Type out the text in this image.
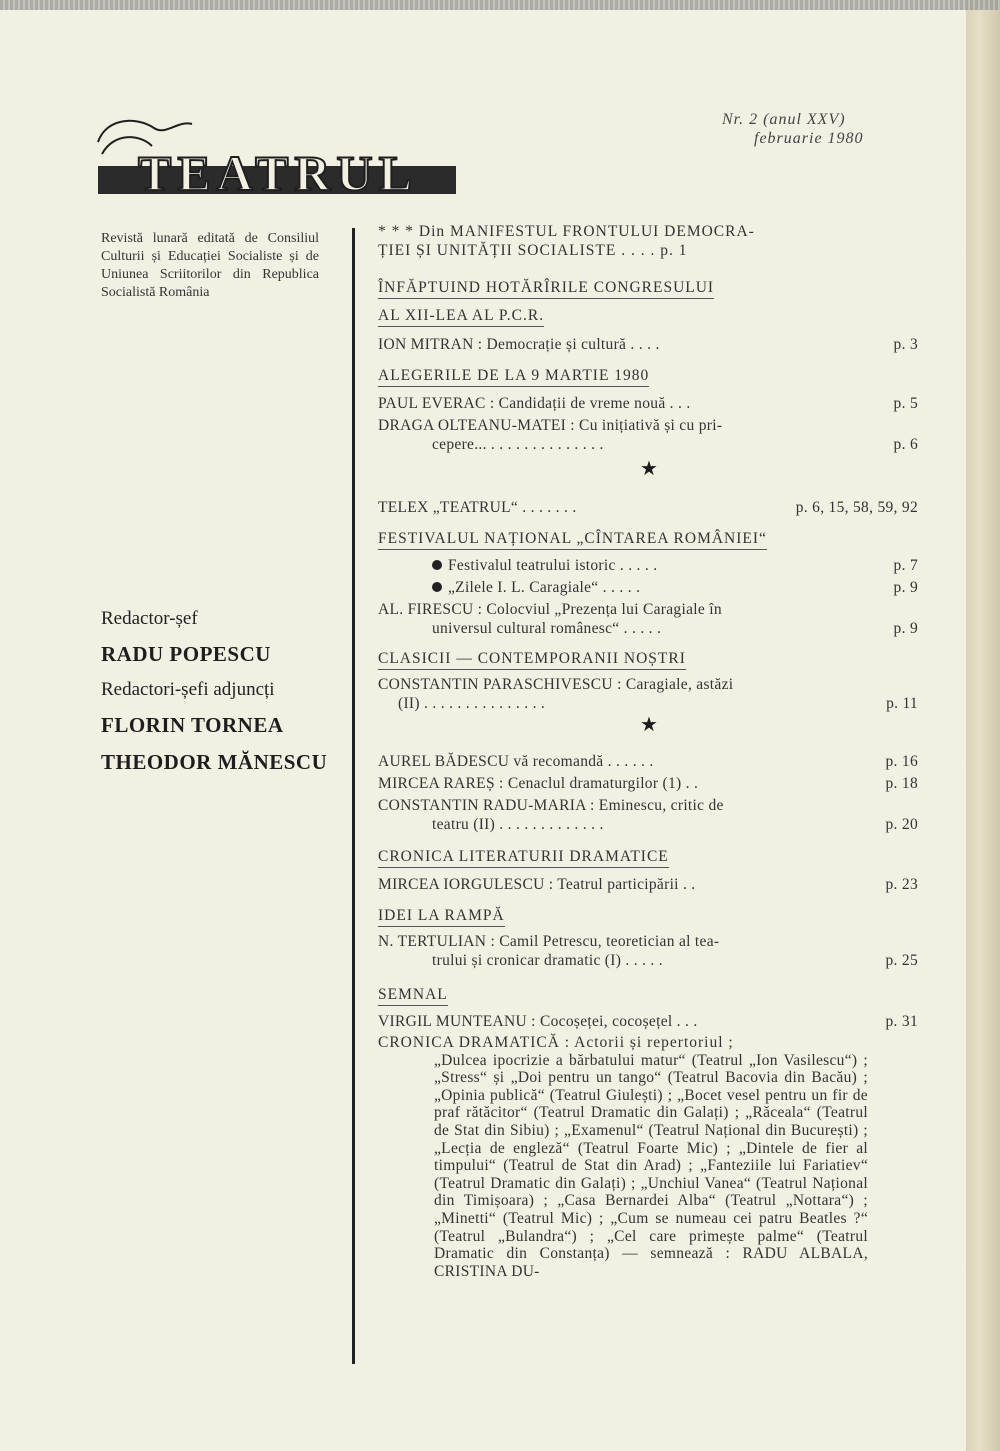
TEATRUL
Nr. 2 (anul XXV)
februarie 1980
Revistă lunară editată de Consiliul Culturii și Educației Socialiste și de Uniunea Scriitorilor din Republica Socialistă România
Redactor-șef
RADU POPESCU
Redactori-șefi adjuncți
FLORIN TORNEA
THEODOR MĂNESCU
* * * Din MANIFESTUL FRONTULUI DEMOCRA-
ȚIEI ȘI UNITĂȚII SOCIALISTE . . . . p. 1
ÎNFĂPTUIND HOTĂRÎRILE CONGRESULUI
AL XII-LEA AL P.C.R.
ION MITRAN : Democrație și cultură . . . .	p. 3
ALEGERILE DE LA 9 MARTIE 1980
PAUL EVERAC : Candidații de vreme nouă . . .	p. 5
DRAGA OLTEANU-MATEI : Cu inițiativă și cu pri-
cepere... . . . . . . . . . . . . . .	p. 6
★
TELEX „TEATRUL“ . . . . . . .	p. 6, 15, 58, 59, 92
FESTIVALUL NAȚIONAL „CÎNTAREA ROMÂNIEI“
Festivalul teatrului istoric . . . . .	p. 7
„Zilele I. L. Caragiale“ . . . . .	p. 9
AL. FIRESCU : Colocviul „Prezența lui Caragiale în
universul cultural românesc“ . . . . .	p. 9
CLASICII — CONTEMPORANII NOȘTRI
CONSTANTIN PARASCHIVESCU : Caragiale, astăzi
(II) . . . . . . . . . . . . . . .	p. 11
★
AUREL BĂDESCU vă recomandă . . . . . .	p. 16
MIRCEA RAREȘ : Cenaclul dramaturgilor (1) . .	p. 18
CONSTANTIN RADU-MARIA : Eminescu, critic de
teatru (II) . . . . . . . . . . . . .	p. 20
CRONICA LITERATURII DRAMATICE
MIRCEA IORGULESCU : Teatrul participării . .	p. 23
IDEI LA RAMPĂ
N. TERTULIAN : Camil Petrescu, teoretician al tea-
trului și cronicar dramatic (I) . . . . .	p. 25
SEMNAL
VIRGIL MUNTEANU : Cocoșeței, cocoșețel . . .	p. 31
CRONICA DRAMATICĂ : Actorii și repertoriul ;
„Dulcea ipocrizie a bărbatului matur“ (Teatrul „Ion Vasilescu“) ; „Stress“ și „Doi pentru un tango“ (Teatrul Bacovia din Bacău) ; „Opinia publică“ (Teatrul Giulești) ; „Bocet vesel pentru un fir de praf rătăcitor“ (Teatrul Dramatic din Galați) ; „Răceala“ (Teatrul de Stat din Sibiu) ; „Examenul“ (Teatrul Național din București) ; „Lecția de engleză“ (Teatrul Foarte Mic) ; „Dintele de fier al timpului“ (Teatrul de Stat din Arad) ; „Fanteziile lui Fariatiev“ (Teatrul Dramatic din Galați) ; „Unchiul Vanea“ (Teatrul Național din Timișoara) ; „Casa Bernardei Alba“ (Teatrul „Nottara“) ; „Minetti“ (Teatrul Mic) ; „Cum se numeau cei patru Beatles ?“ (Teatrul „Bulandra“) ; „Cel care primește palme“ (Teatrul Dramatic din Constanța) — semnează : RADU ALBALA, CRISTINA DU-
